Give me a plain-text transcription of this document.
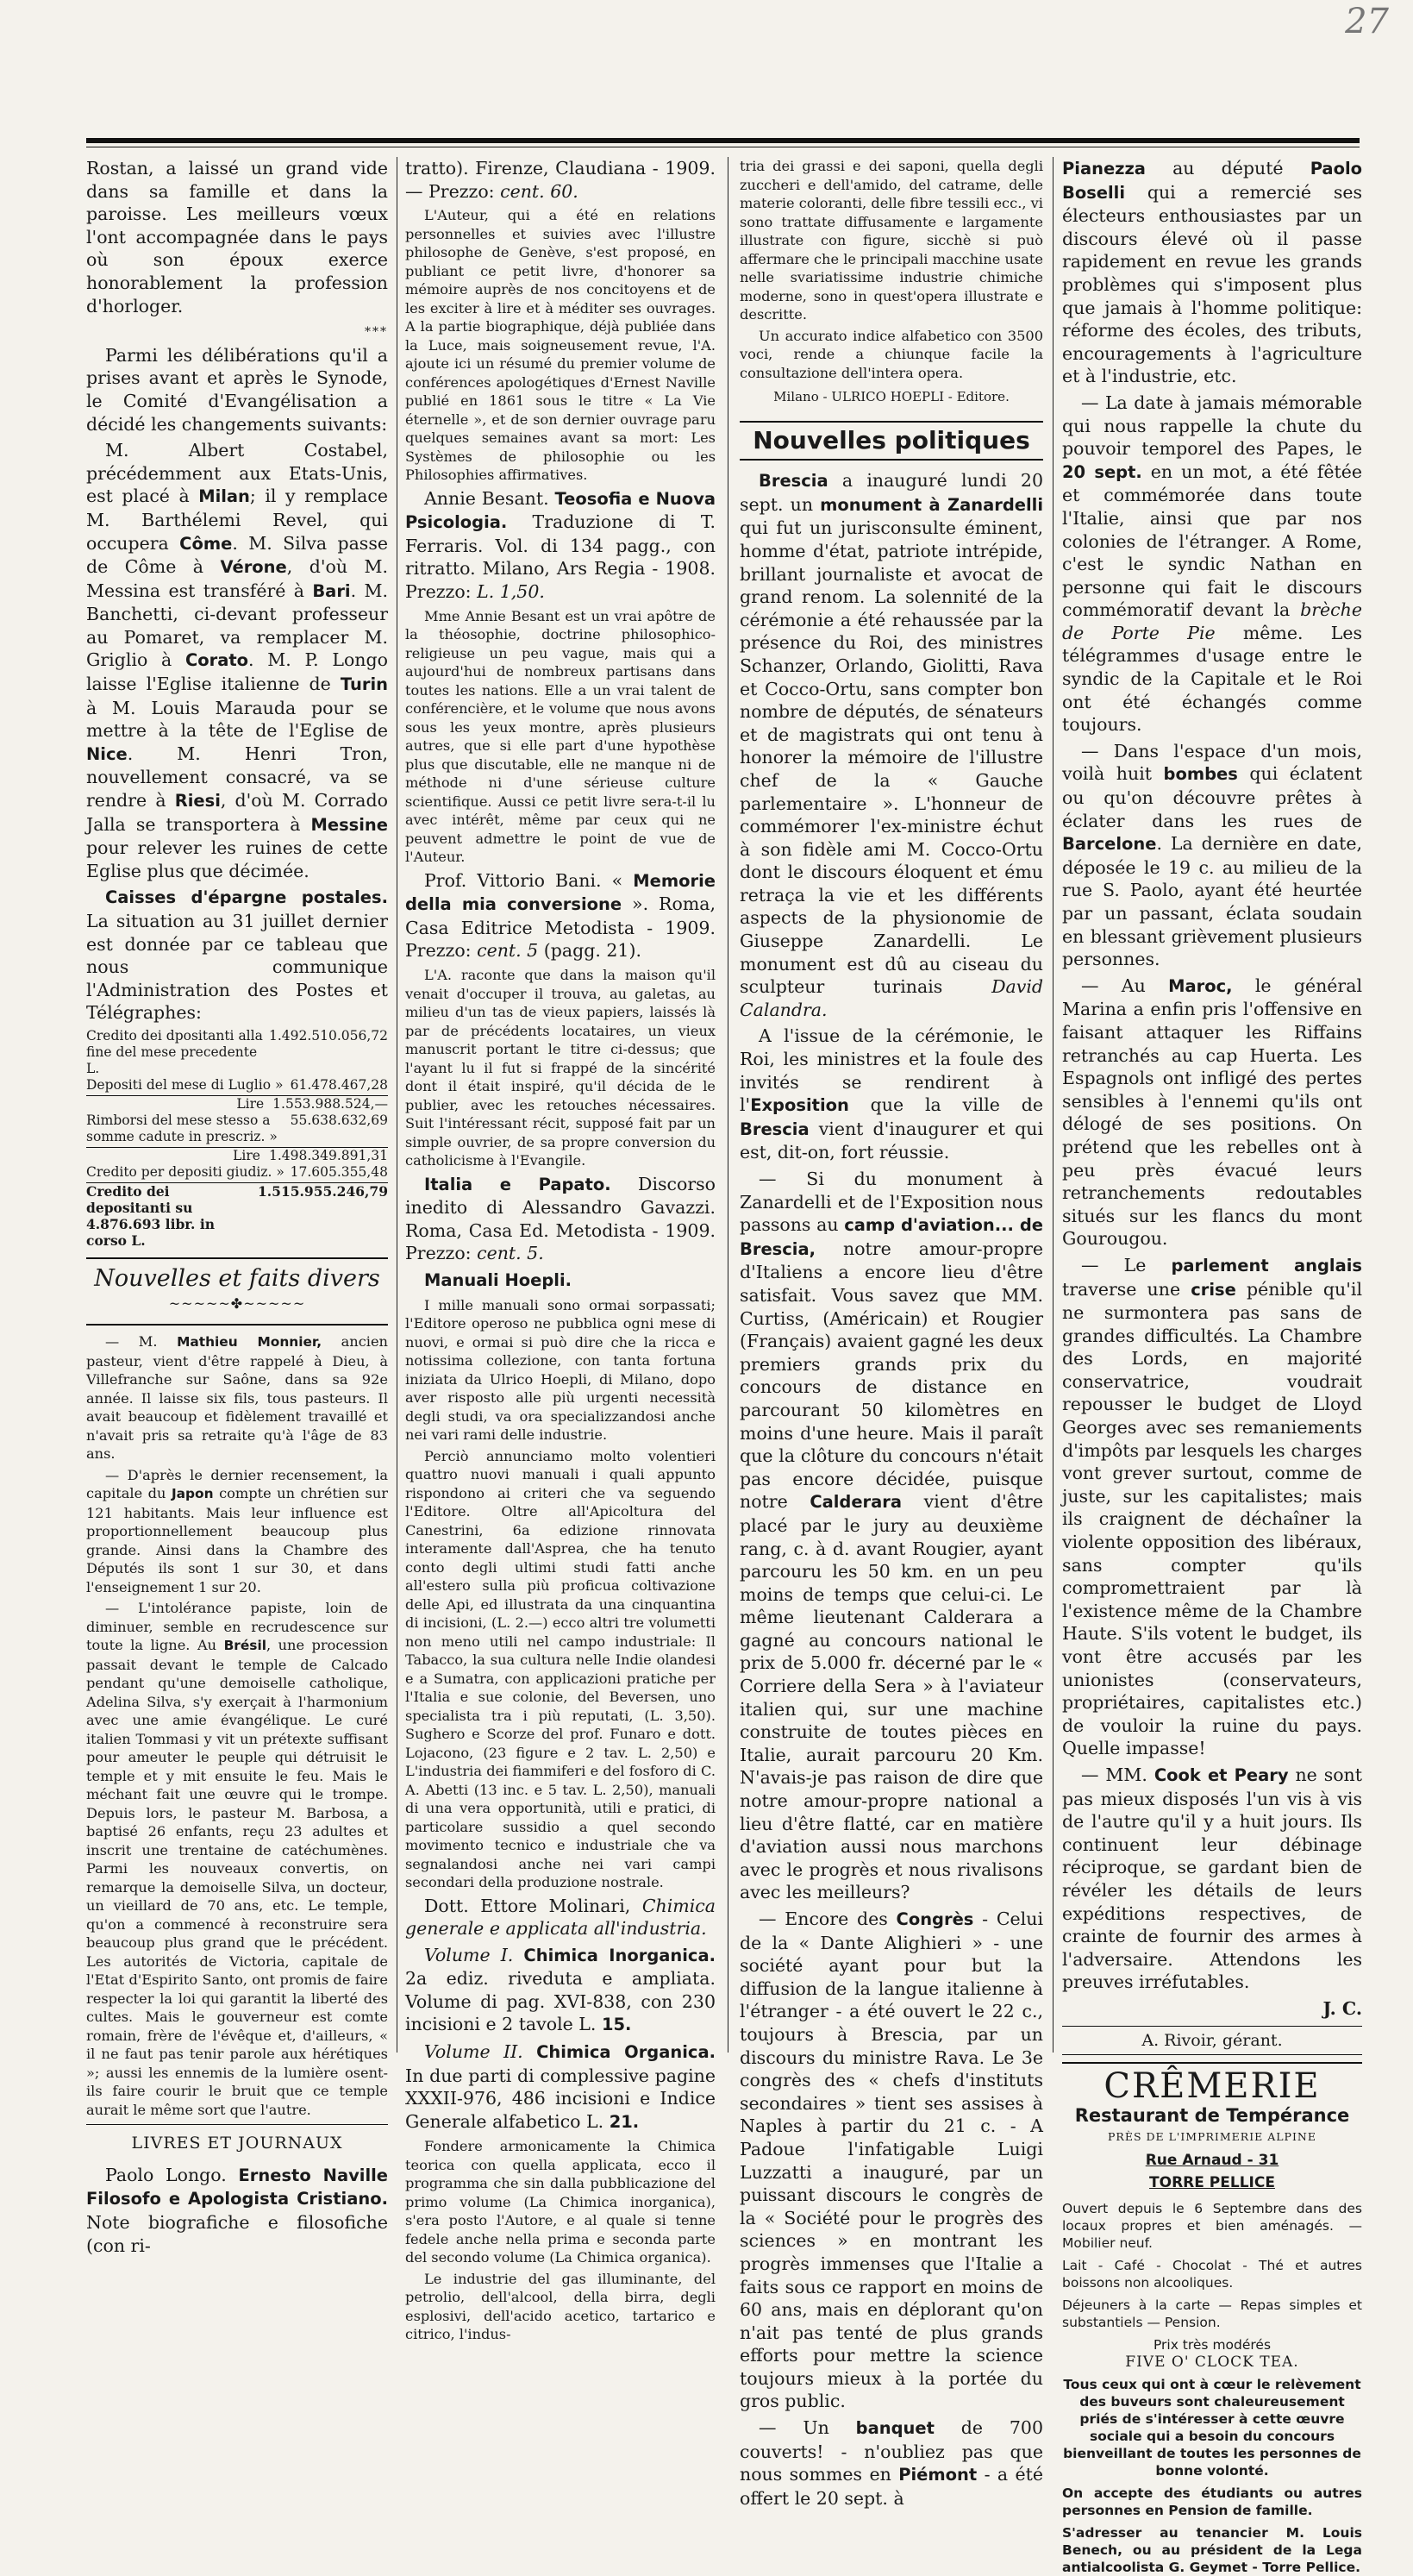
27

Rostan, a laissé un grand vide dans sa famille et dans la paroisse. Les meilleurs vœux l'ont accompagnée dans le pays où son époux exerce honorablement la profession d'horloger.

***

Parmi les délibérations qu'il a prises avant et après le Synode, le Comité d'Evangélisation a décidé les changements suivants:

M. Albert Costabel, précédemment aux Etats-Unis, est placé à Milan; il y remplace M. Barthélemi Revel, qui occupera Côme. M. Silva passe de Côme à Vérone, d'où M. Messina est transféré à Bari. M. Banchetti, ci-devant professeur au Pomaret, va remplacer M. Griglio à Corato. M. P. Longo laisse l'Eglise italienne de Turin à M. Louis Marauda pour se mettre à la tête de l'Eglise de Nice. M. Henri Tron, nouvellement consacré, va se rendre à Riesi, d'où M. Corrado Jalla se transportera à Messine pour relever les ruines de cette Eglise plus que décimée.

Caisses d'épargne postales. La situation au 31 juillet dernier est donnée par ce tableau que nous communique l'Administration des Postes et Télégraphes:

Credito dei dpositanti alla fine del mese precedente L.
1.492.510.056,72
Depositi del mese di Luglio » 61.478.467,28
Lire 1.553.988.524,—
Rimborsi del mese stesso a somme cadute in prescriz. »
55.638.632,69
Lire 1.498.349.891,31
Credito per depositi giudiz. » 17.605.355,48
Credito dei depositanti su 4.876.693 libr. in corso L.
1.515.955.246,79
Nouvelles et faits divers
~~~~~✤~~~~~

— M. Mathieu Monnier, ancien pasteur, vient d'être rappelé à Dieu, à Villefranche sur Saône, dans sa 92e année. Il laisse six fils, tous pasteurs. Il avait beaucoup et fidèlement travaillé et n'avait pris sa retraite qu'à l'âge de 83 ans.

— D'après le dernier recensement, la capitale du Japon compte un chrétien sur 121 habitants. Mais leur influence est proportionnellement beaucoup plus grande. Ainsi dans la Chambre des Députés ils sont 1 sur 30, et dans l'enseignement 1 sur 20.

— L'intolérance papiste, loin de diminuer, semble en recrudescence sur toute la ligne. Au Brésil, une procession passait devant le temple de Calcado pendant qu'une demoiselle catholique, Adelina Silva, s'y exerçait à l'harmonium avec une amie évangélique. Le curé italien Tommasi y vit un prétexte suffisant pour ameuter le peuple qui détruisit le temple et y mit ensuite le feu. Mais le méchant fait une œuvre qui le trompe. Depuis lors, le pasteur M. Barbosa, a baptisé 26 enfants, reçu 23 adultes et inscrit une trentaine de catéchumènes. Parmi les nouveaux convertis, on remarque la demoiselle Silva, un docteur, un vieillard de 70 ans, etc. Le temple, qu'on a commencé à reconstruire sera beaucoup plus grand que le précédent. Les autorités de Victoria, capitale de l'Etat d'Espirito Santo, ont promis de faire respecter la loi qui garantit la liberté des cultes. Mais le gouverneur est comte romain, frère de l'évêque et, d'ailleurs, « il ne faut pas tenir parole aux hérétiques »; aussi les ennemis de la lumière osent-ils faire courir le bruit que ce temple aurait le même sort que l'autre.

LIVRES ET JOURNAUX

Paolo Longo. Ernesto Naville Filosofo e Apologista Cristiano. Note biografiche e filosofiche (con ri-

tratto). Firenze, Claudiana - 1909. — Prezzo: cent. 60.

L'Auteur, qui a été en relations personnelles et suivies avec l'illustre philosophe de Genève, s'est proposé, en publiant ce petit livre, d'honorer sa mémoire auprès de nos concitoyens et de les exciter à lire et à méditer ses ouvrages. A la partie biographique, déjà publiée dans la Luce, mais soigneusement revue, l'A. ajoute ici un résumé du premier volume de conférences apologétiques d'Ernest Naville publié en 1861 sous le titre « La Vie éternelle », et de son dernier ouvrage paru quelques semaines avant sa mort: Les Systèmes de philosophie ou les Philosophies affirmatives.

Annie Besant. Teosofia e Nuova Psicologia. Traduzione di T. Ferraris. Vol. di 134 pagg., con ritratto. Milano, Ars Regia - 1908. Prezzo: L. 1,50.

Mme Annie Besant est un vrai apôtre de la théosophie, doctrine philosophico-religieuse un peu vague, mais qui a aujourd'hui de nombreux partisans dans toutes les nations. Elle a un vrai talent de conférencière, et le volume que nous avons sous les yeux montre, après plusieurs autres, que si elle part d'une hypothèse plus que discutable, elle ne manque ni de méthode ni d'une sérieuse culture scientifique. Aussi ce petit livre sera-t-il lu avec intérêt, même par ceux qui ne peuvent admettre le point de vue de l'Auteur.

Prof. Vittorio Bani. « Memorie della mia conversione ». Roma, Casa Editrice Metodista - 1909. Prezzo: cent. 5 (pagg. 21).

L'A. raconte que dans la maison qu'il venait d'occuper il trouva, au galetas, au milieu d'un tas de vieux papiers, laissés là par de précédents locataires, un vieux manuscrit portant le titre ci-dessus; que l'ayant lu il fut si frappé de la sincérité dont il était inspiré, qu'il décida de le publier, avec les retouches nécessaires. Suit l'intéressant récit, supposé fait par un simple ouvrier, de sa propre conversion du catholicisme à l'Evangile.

Italia e Papato. Discorso inedito di Alessandro Gavazzi. Roma, Casa Ed. Metodista - 1909. Prezzo: cent. 5.

Manuali Hoepli.

I mille manuali sono ormai sorpassati; l'Editore operoso ne pubblica ogni mese di nuovi, e ormai si può dire che la ricca e notissima collezione, con tanta fortuna iniziata da Ulrico Hoepli, di Milano, dopo aver risposto alle più urgenti necessità degli studi, va ora specializzandosi anche nei vari rami delle industrie.

Perciò annunciamo molto volentieri quattro nuovi manuali i quali appunto rispondono ai criteri che va seguendo l'Editore. Oltre all'Apicoltura del Canestrini, 6a edizione rinnovata interamente dall'Asprea, che ha tenuto conto degli ultimi studi fatti anche all'estero sulla più proficua coltivazione delle Api, ed illustrata da una cinquantina di incisioni, (L. 2.—) ecco altri tre volumetti non meno utili nel campo industriale: Il Tabacco, la sua cultura nelle Indie olandesi e a Sumatra, con applicazioni pratiche per l'Italia e sue colonie, del Beversen, uno specialista tra i più reputati, (L. 3,50). Sughero e Scorze del prof. Funaro e dott. Lojacono, (23 figure e 2 tav. L. 2,50) e L'industria dei fiammiferi e del fosforo di C. A. Abetti (13 inc. e 5 tav. L. 2,50), manuali di una vera opportunità, utili e pratici, di particolare sussidio a quel secondo movimento tecnico e industriale che va segnalandosi anche nei vari campi secondari della produzione nostrale.

Dott. Ettore Molinari, Chimica generale e applicata all'industria.

Volume I. Chimica Inorganica. 2a ediz. riveduta e ampliata. Volume di pag. XVI-838, con 230 incisioni e 2 tavole L. 15.

Volume II. Chimica Organica. In due parti di complessive pagine XXXII-976, 486 incisioni e Indice Generale alfabetico L. 21.

Fondere armonicamente la Chimica teorica con quella applicata, ecco il programma che sin dalla pubblicazione del primo volume (La Chimica inorganica), s'era posto l'Autore, e al quale si tenne fedele anche nella prima e seconda parte del secondo volume (La Chimica organica).

Le industrie del gas illuminante, del petrolio, dell'alcool, della birra, degli esplosivi, dell'acido acetico, tartarico e citrico, l'indus-

tria dei grassi e dei saponi, quella degli zuccheri e dell'amido, del catrame, delle materie coloranti, delle fibre tessili ecc., vi sono trattate diffusamente e largamente illustrate con figure, sicchè si può affermare che le principali macchine usate nelle svariatissime industrie chimiche moderne, sono in quest'opera illustrate e descritte.

Un accurato indice alfabetico con 3500 voci, rende a chiunque facile la consultazione dell'intera opera.

Milano - ULRICO HOEPLI - Editore.
Nouvelles politiques

Brescia a inauguré lundi 20 sept. un monument à Zanardelli qui fut un jurisconsulte éminent, homme d'état, patriote intrépide, brillant journaliste et avocat de grand renom. La solennité de la cérémonie a été rehaussée par la présence du Roi, des ministres Schanzer, Orlando, Giolitti, Rava et Cocco-Ortu, sans compter bon nombre de députés, de sénateurs et de magistrats qui ont tenu à honorer la mémoire de l'illustre chef de la « Gauche parlementaire ». L'honneur de commémorer l'ex-ministre échut à son fidèle ami M. Cocco-Ortu dont le discours éloquent et ému retraça la vie et les différents aspects de la physionomie de Giuseppe Zanardelli. Le monument est dû au ciseau du sculpteur turinais David Calandra.

A l'issue de la cérémonie, le Roi, les ministres et la foule des invités se rendirent à l'Exposition que la ville de Brescia vient d'inaugurer et qui est, dit-on, fort réussie.

— Si du monument à Zanardelli et de l'Exposition nous passons au camp d'aviation... de Brescia, notre amour-propre d'Italiens a encore lieu d'être satisfait. Vous savez que MM. Curtiss, (Américain) et Rougier (Français) avaient gagné les deux premiers grands prix du concours de distance en parcourant 50 kilomètres en moins d'une heure. Mais il paraît que la clôture du concours n'était pas encore décidée, puisque notre Calderara vient d'être placé par le jury au deuxième rang, c. à d. avant Rougier, ayant parcouru les 50 km. en un peu moins de temps que celui-ci. Le même lieutenant Calderara a gagné au concours national le prix de 5.000 fr. décerné par le « Corriere della Sera » à l'aviateur italien qui, sur une machine construite de toutes pièces en Italie, aurait parcouru 20 Km. N'avais-je pas raison de dire que notre amour-propre national a lieu d'être flatté, car en matière d'aviation aussi nous marchons avec le progrès et nous rivalisons avec les meilleurs?

— Encore des Congrès - Celui de la « Dante Alighieri » - une société ayant pour but la diffusion de la langue italienne à l'étranger - a été ouvert le 22 c., toujours à Brescia, par un discours du ministre Rava. Le 3e congrès des « chefs d'instituts secondaires » tient ses assises à Naples à partir du 21 c. - A Padoue l'infatigable Luigi Luzzatti a inauguré, par un puissant discours le congrès de la « Société pour le progrès des sciences » en montrant les progrès immenses que l'Italie a faits sous ce rapport en moins de 60 ans, mais en déplorant qu'on n'ait pas tenté de plus grands efforts pour mettre la science toujours mieux à la portée du gros public.

— Un banquet de 700 couverts! - n'oubliez pas que nous sommes en Piémont - a été offert le 20 sept. à

Pianezza au député Paolo Boselli qui a remercié ses électeurs enthousiastes par un discours élevé où il passe rapidement en revue les grands problèmes qui s'imposent plus que jamais à l'homme politique: réforme des écoles, des tributs, encouragements à l'agriculture et à l'industrie, etc.

— La date à jamais mémorable qui nous rappelle la chute du pouvoir temporel des Papes, le 20 sept. en un mot, a été fêtée et commémorée dans toute l'Italie, ainsi que par nos colonies de l'étranger. A Rome, c'est le syndic Nathan en personne qui fait le discours commémoratif devant la brèche de Porte Pie même. Les télégrammes d'usage entre le syndic de la Capitale et le Roi ont été échangés comme toujours.

— Dans l'espace d'un mois, voilà huit bombes qui éclatent ou qu'on découvre prêtes à éclater dans les rues de Barcelone. La dernière en date, déposée le 19 c. au milieu de la rue S. Paolo, ayant été heurtée par un passant, éclata soudain en blessant grièvement plusieurs personnes.

— Au Maroc, le général Marina a enfin pris l'offensive en faisant attaquer les Riffains retranchés au cap Huerta. Les Espagnols ont infligé des pertes sensibles à l'ennemi qu'ils ont délogé de ses positions. On prétend que les rebelles ont à peu près évacué leurs retranchements redoutables situés sur les flancs du mont Gourougou.

— Le parlement anglais traverse une crise pénible qu'il ne surmontera pas sans de grandes difficultés. La Chambre des Lords, en majorité conservatrice, voudrait repousser le budget de Lloyd Georges avec ses remaniements d'impôts par lesquels les charges vont grever surtout, comme de juste, sur les capitalistes; mais ils craignent de déchaîner la violente opposition des libéraux, sans compter qu'ils compromettraient par là l'existence même de la Chambre Haute. S'ils votent le budget, ils vont être accusés par les unionistes (conservateurs, propriétaires, capitalistes etc.) de vouloir la ruine du pays. Quelle impasse!

— MM. Cook et Peary ne sont pas mieux disposés l'un vis à vis de l'autre qu'il y a huit jours. Ils continuent leur débinage réciproque, se gardant bien de révéler les détails de leurs expéditions respectives, de crainte de fournir des armes à l'adversaire. Attendons les preuves irréfutables.

J. C.
A. Rivoir, gérant.
CRÊMERIE
Restaurant de Tempérance
PRÈS DE L'IMPRIMERIE ALPINE
Rue Arnaud - 31
TORRE PELLICE

Ouvert depuis le 6 Septembre dans des locaux propres et bien aménagés. — Mobilier neuf.

Lait - Café - Chocolat - Thé et autres boissons non alcooliques.

Déjeuners à la carte — Repas simples et substantiels — Pension.

Prix très modérés

FIVE O' CLOCK TEA.

Tous ceux qui ont à cœur le relèvement des buveurs sont chaleureusement priés de s'intéresser à cette œuvre sociale qui a besoin du concours bienveillant de toutes les personnes de bonne volonté.

On accepte des étudiants ou autres personnes en Pension de famille.

S'adresser au tenancier M. Louis Benech, ou au président de la Lega antialcoolista G. Geymet - Torre Pellice.
